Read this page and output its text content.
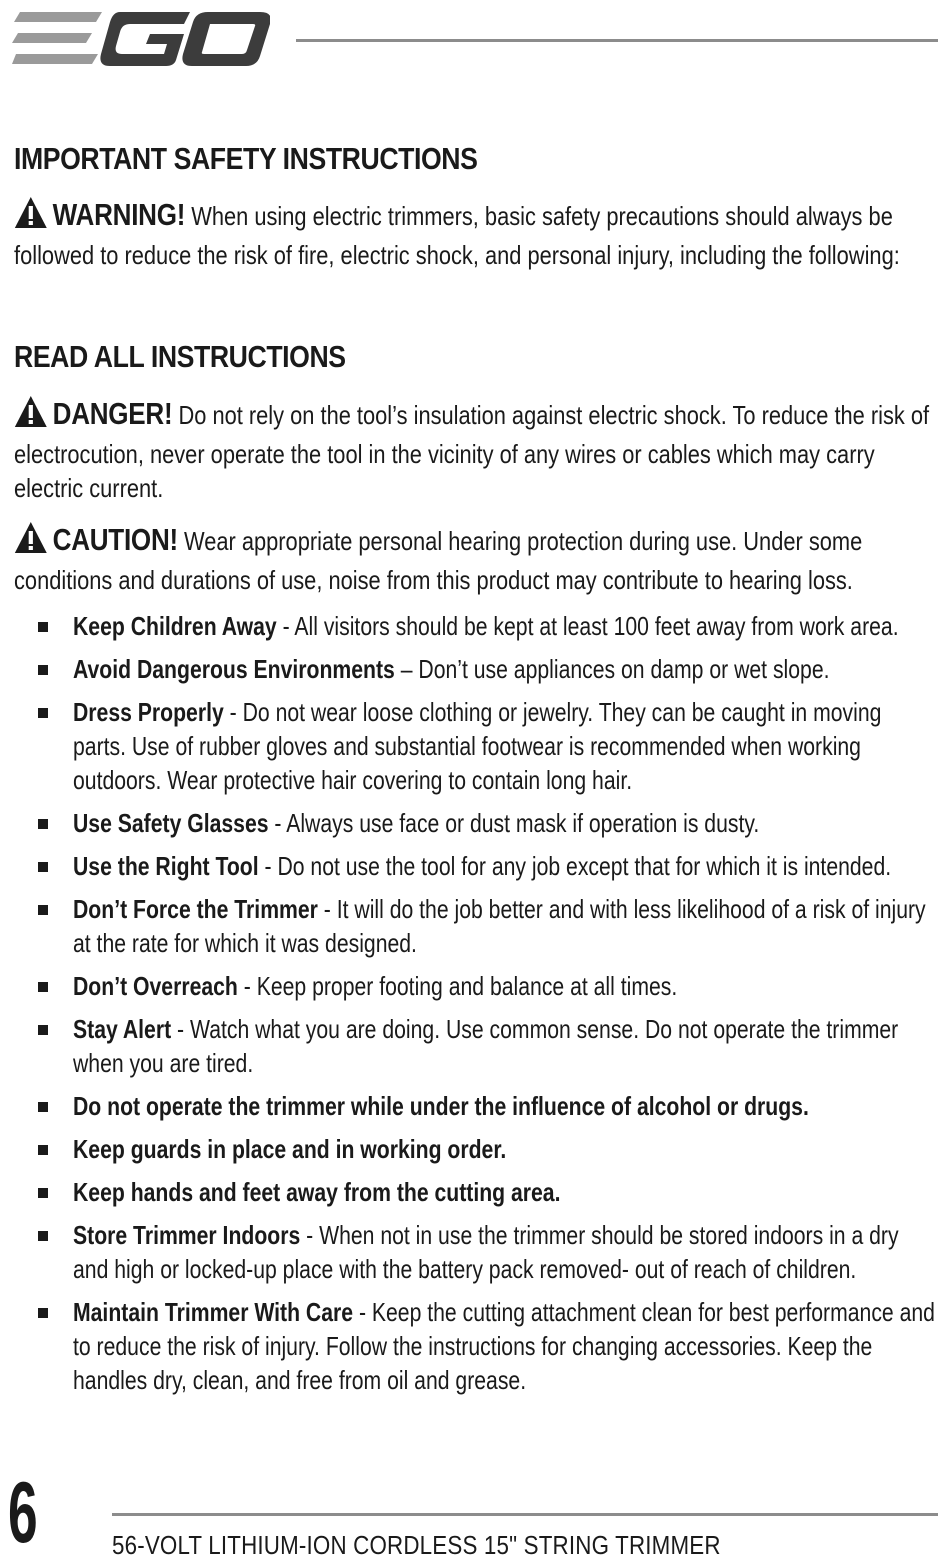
IMPORTANT SAFETY INSTRUCTIONS
WARNING! When using electric trimmers, basic safety precautions should always be followed to reduce the risk of fire, electric shock, and personal injury, including the following:
READ ALL INSTRUCTIONS
DANGER! Do not rely on the tool’s insulation against electric shock. To reduce the risk of electrocution, never operate the tool in the vicinity of any wires or cables which may carry electric current.
CAUTION! Wear appropriate personal hearing protection during use. Under some conditions and durations of use, noise from this product may contribute to hearing loss.
Keep Children Away - All visitors should be kept at least 100 feet away from work area.
Avoid Dangerous Environments – Don’t use appliances on damp or wet slope.
Dress Properly - Do not wear loose clothing or jewelry. They can be caught in moving parts. Use of rubber gloves and substantial footwear is recommended when working outdoors. Wear protective hair covering to contain long hair.
Use Safety Glasses - Always use face or dust mask if operation is dusty.
Use the Right Tool - Do not use the tool for any job except that for which it is intended.
Don’t Force the Trimmer - It will do the job better and with less likelihood of a risk of injury at the rate for which it was designed.
Don’t Overreach - Keep proper footing and balance at all times.
Stay Alert - Watch what you are doing. Use common sense. Do not operate the trimmer when you are tired.
Do not operate the trimmer while under the influence of alcohol or drugs.
Keep guards in place and in working order.
Keep hands and feet away from the cutting area.
Store Trimmer Indoors - When not in use the trimmer should be stored indoors in a dry and high or locked-up place with the battery pack removed- out of reach of children.
Maintain Trimmer With Care - Keep the cutting attachment clean for best performance and to reduce the risk of injury. Follow the instructions for changing accessories. Keep the handles dry, clean, and free from oil and grease.
6	56-VOLT LITHIUM-ION CORDLESS 15" STRING TRIMMER
